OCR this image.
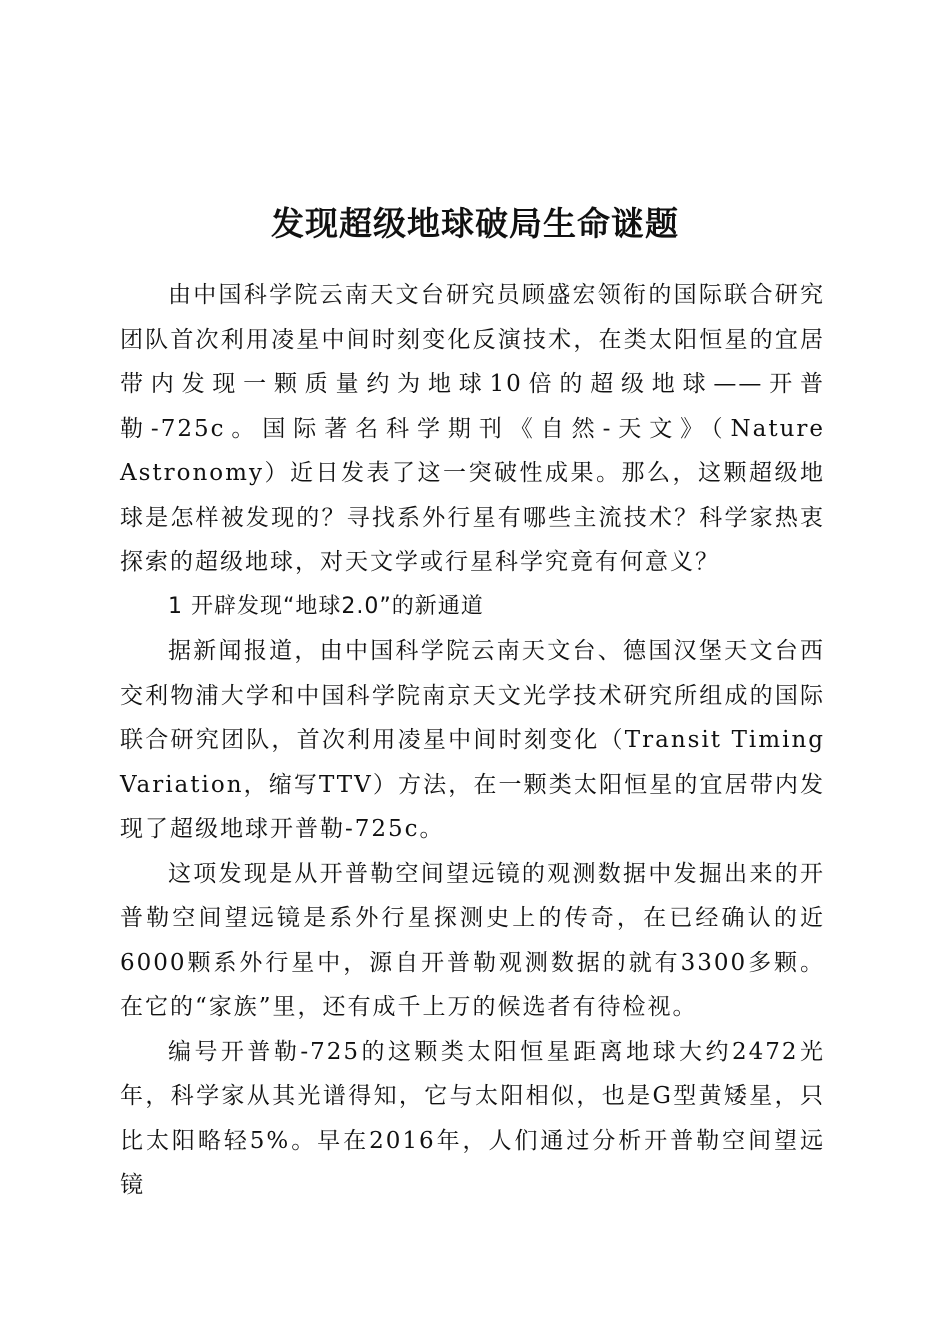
发现超级地球破局生命谜题

由中国科学院云南天文台研究员顾盛宏领衔的国际联合研究团队首次利用凌星中间时刻变化反演技术，在类太阳恒星的宜居带内发现一颗质量约为地球10倍的超级地球——开普勒-725c。国际著名科学期刊《自然-天文》（Nature Astronomy）近日发表了这一突破性成果。那么，这颗超级地球是怎样被发现的？寻找系外行星有哪些主流技术？科学家热衷探索的超级地球，对天文学或行星科学究竟有何意义？

1 开辟发现“地球2.0”的新通道

据新闻报道，由中国科学院云南天文台、德国汉堡天文台西交利物浦大学和中国科学院南京天文光学技术研究所组成的国际联合研究团队，首次利用凌星中间时刻变化（Transit Timing Variation，缩写TTV）方法，在一颗类太阳恒星的宜居带内发现了超级地球开普勒-725c。

这项发现是从开普勒空间望远镜的观测数据中发掘出来的开普勒空间望远镜是系外行星探测史上的传奇，在已经确认的近6000颗系外行星中，源自开普勒观测数据的就有3300多颗。在它的“家族”里，还有成千上万的候选者有待检视。

编号开普勒-725的这颗类太阳恒星距离地球大约2472光年，科学家从其光谱得知，它与太阳相似，也是G型黄矮星，只比太阳略轻5%。早在2016年，人们通过分析开普勒空间望远镜
